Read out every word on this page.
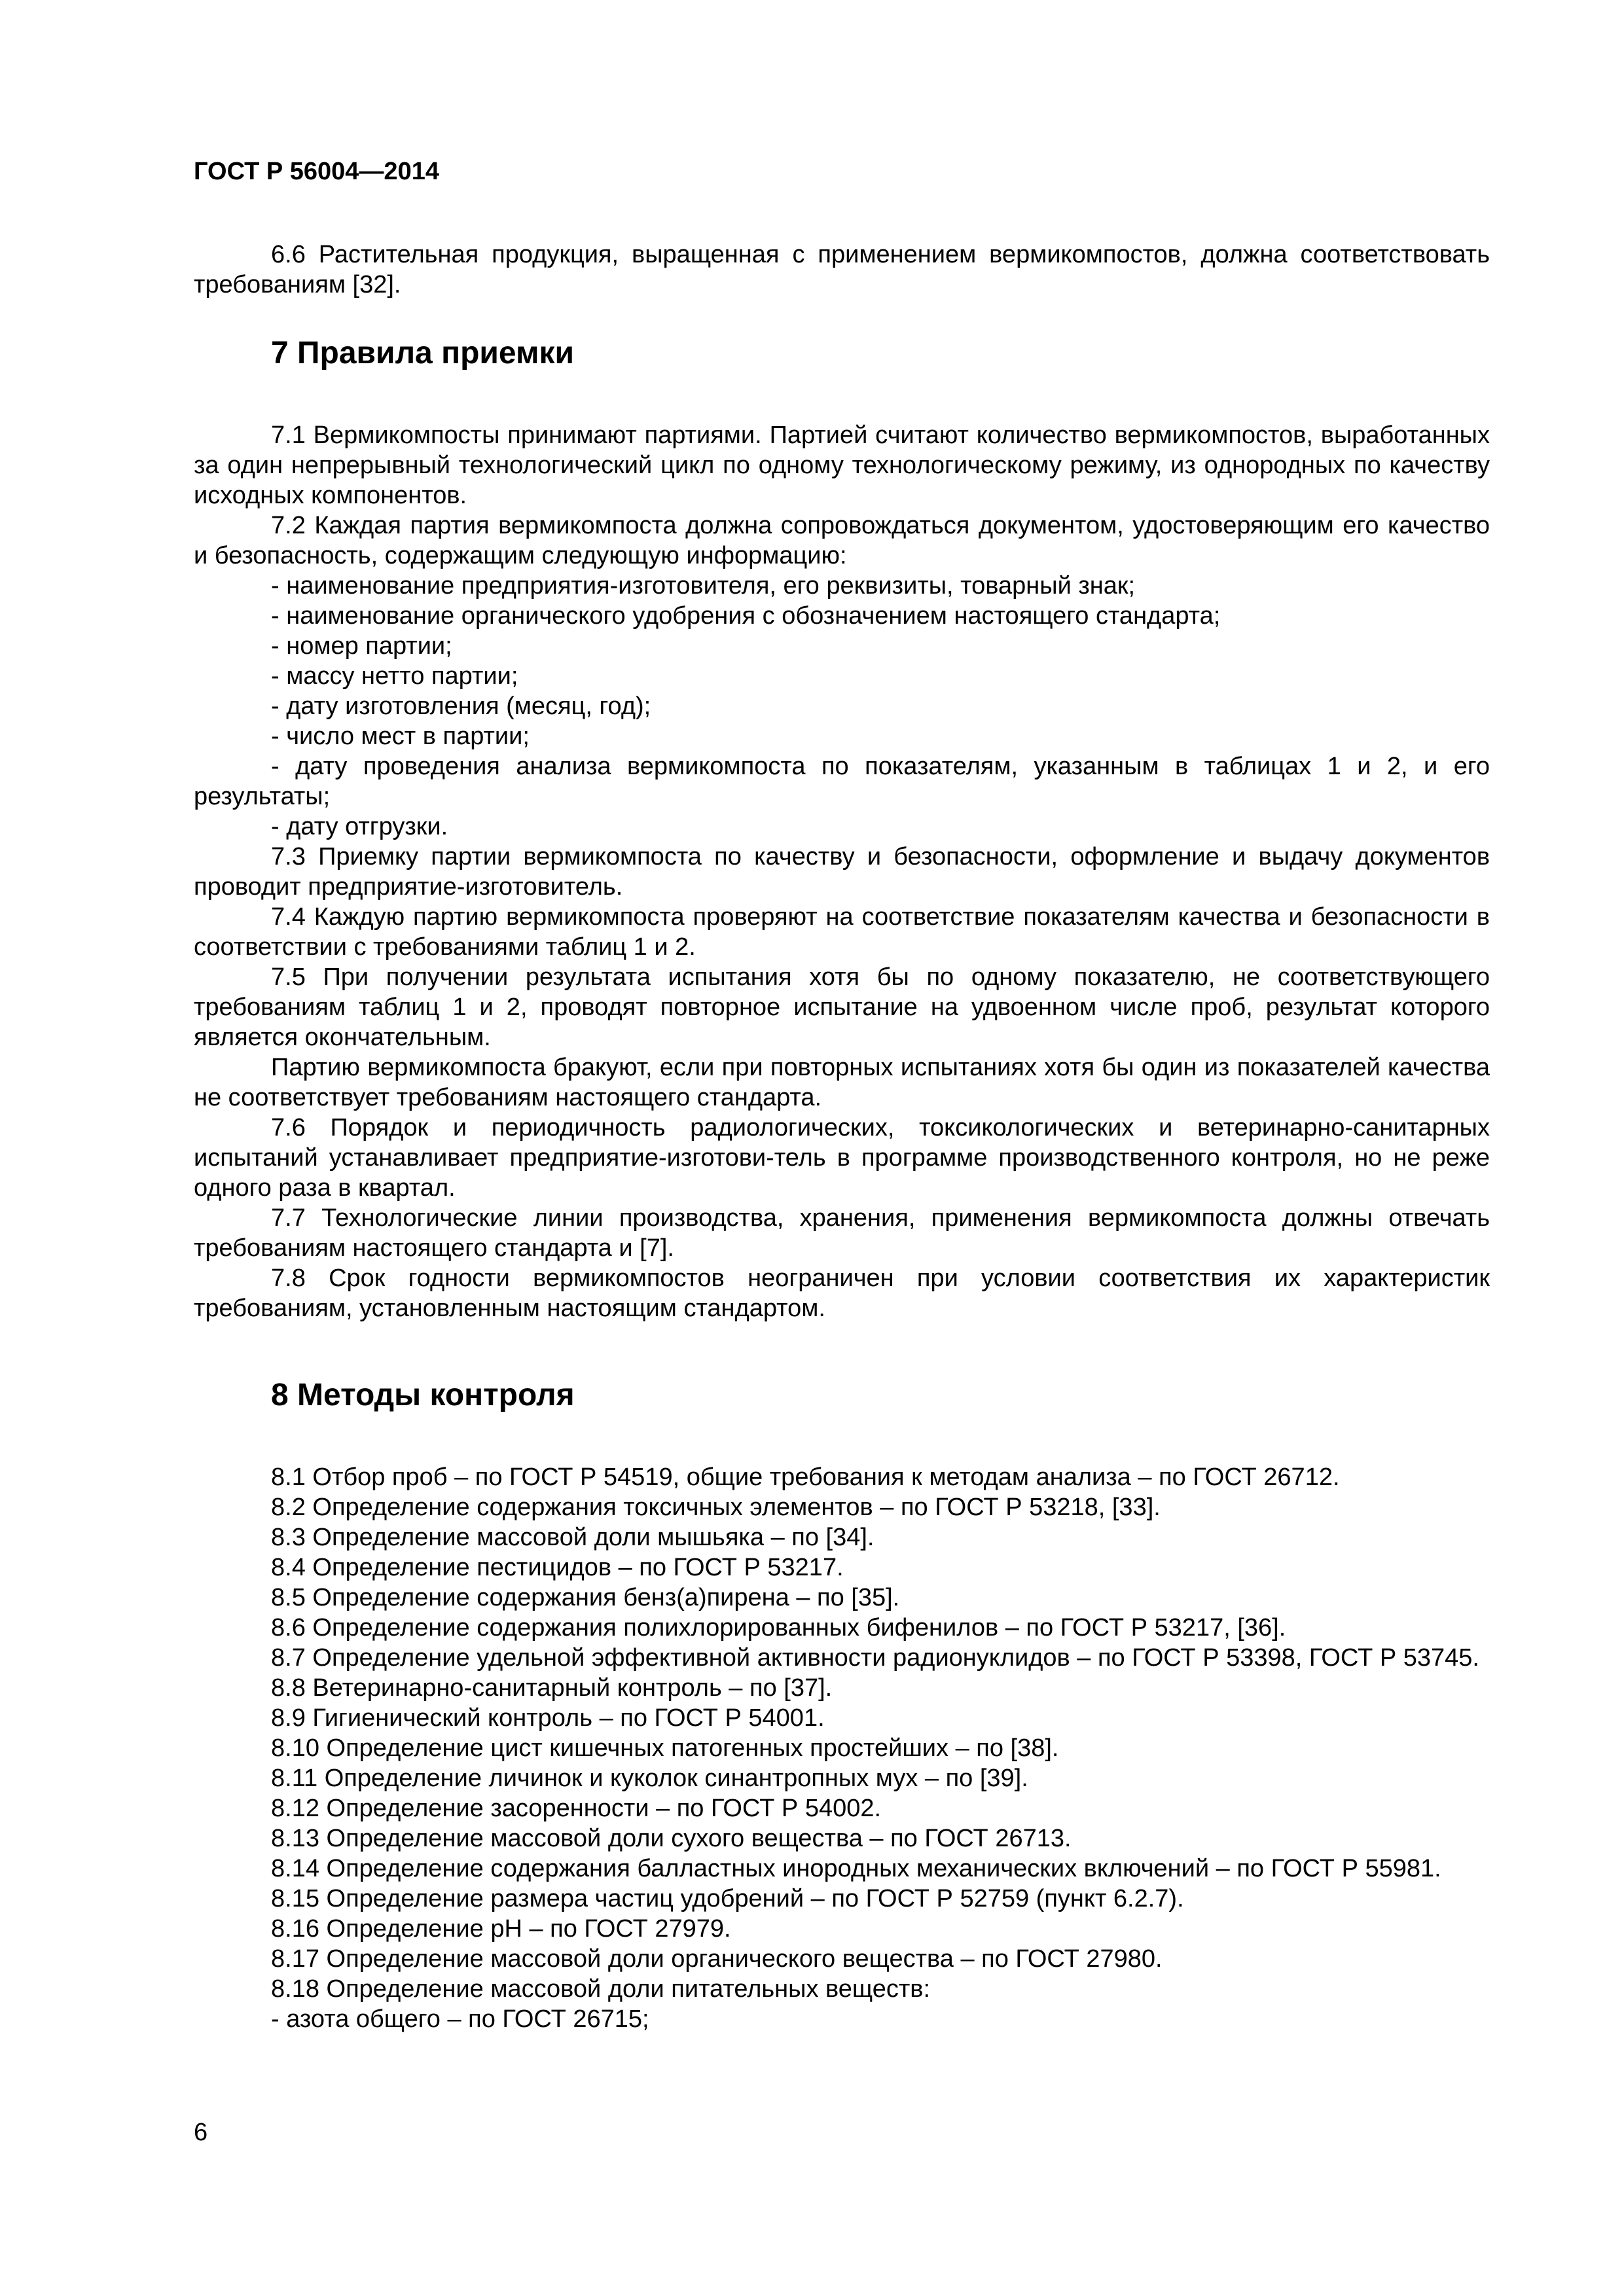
ГОСТ Р 56004—2014

6.6 Растительная продукция, выращенная с применением вермикомпостов, должна соответствовать требованиям [32].

7 Правила приемки

7.1 Вермикомпосты принимают партиями. Партией считают количество вермикомпостов, выработанных за один непрерывный технологический цикл по одному технологическому режиму, из однородных по качеству исходных компонентов.

7.2 Каждая партия вермикомпоста должна сопровождаться документом, удостоверяющим его качество и безопасность, содержащим следующую информацию:

- наименование предприятия-изготовителя, его реквизиты, товарный знак;

- наименование органического удобрения с обозначением настоящего стандарта;

- номер партии;

- массу нетто партии;

- дату изготовления (месяц, год);

- число мест в партии;

- дату проведения анализа вермикомпоста по показателям, указанным в таблицах 1 и 2, и его результаты;

- дату отгрузки.

7.3 Приемку партии вермикомпоста по качеству и безопасности, оформление и выдачу документов проводит предприятие-изготовитель.

7.4 Каждую партию вермикомпоста проверяют на соответствие показателям качества и безопасности в соответствии с требованиями таблиц 1 и 2.

7.5 При получении результата испытания хотя бы по одному показателю, не соответствующего требованиям таблиц 1 и 2, проводят повторное испытание на удвоенном числе проб, результат которого является окончательным.

Партию вермикомпоста бракуют, если при повторных испытаниях хотя бы один из показателей качества не соответствует требованиям настоящего стандарта.

7.6 Порядок и периодичность радиологических, токсикологических и ветеринарно-санитарных испытаний устанавливает предприятие-изготови-тель в программе производственного контроля, но не реже одного раза в квартал.

7.7 Технологические линии производства, хранения, применения вермикомпоста должны отвечать требованиям настоящего стандарта и [7].

7.8 Срок годности вермикомпостов неограничен при условии соответствия их характеристик требованиям, установленным настоящим стандартом.

8 Методы контроля

8.1 Отбор проб – по ГОСТ Р 54519, общие требования к методам анализа – по ГОСТ 26712.

8.2 Определение содержания токсичных элементов – по ГОСТ Р 53218, [33].

8.3 Определение массовой доли мышьяка – по [34].

8.4 Определение пестицидов – по ГОСТ Р 53217.

8.5 Определение содержания бенз(а)пирена – по [35].

8.6 Определение содержания полихлорированных бифенилов – по ГОСТ Р 53217, [36].

8.7 Определение удельной эффективной активности радионуклидов – по ГОСТ Р 53398, ГОСТ Р 53745.

8.8 Ветеринарно-санитарный контроль – по [37].

8.9 Гигиенический контроль – по ГОСТ Р 54001.

8.10 Определение цист кишечных патогенных простейших – по [38].

8.11 Определение личинок и куколок синантропных мух – по [39].

8.12 Определение засоренности – по ГОСТ Р 54002.

8.13 Определение массовой доли сухого вещества – по ГОСТ 26713.

8.14 Определение содержания балластных инородных механических включений – по ГОСТ Р 55981.

8.15 Определение размера частиц удобрений – по ГОСТ Р 52759 (пункт 6.2.7).

8.16 Определение pH – по ГОСТ 27979.

8.17 Определение массовой доли органического вещества – по ГОСТ 27980.

8.18 Определение массовой доли питательных веществ:

- азота общего – по ГОСТ 26715;

6
